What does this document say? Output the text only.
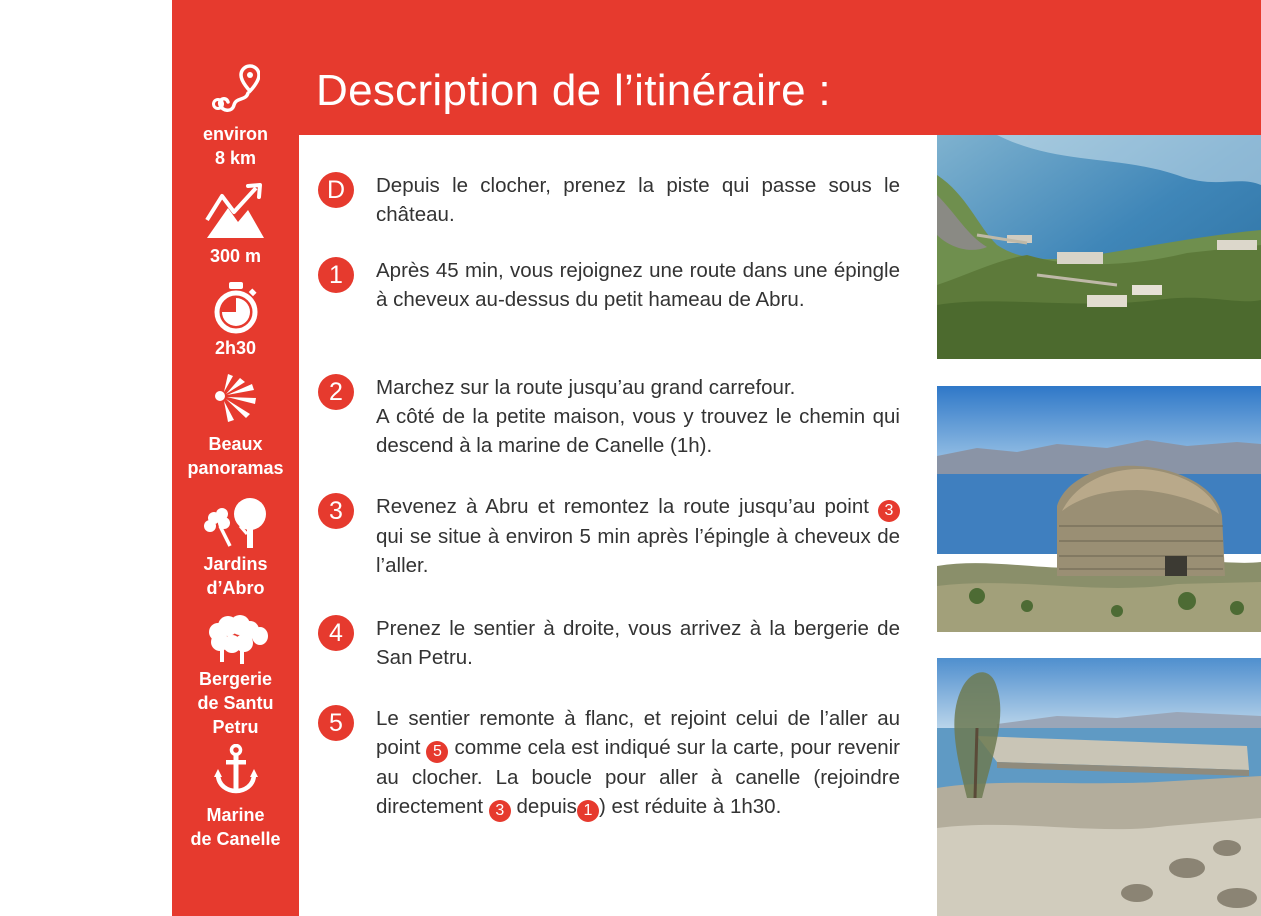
environ
8 km
300 m
2h30
Beaux
panoramas
Jardins
d’Abro
Bergerie
de Santu
Petru
Marine
de Canelle
Description de l’itinéraire :
D	Depuis le clocher, prenez la piste qui passe sous le château.
1	Après 45 min, vous rejoignez une route dans une épingle à cheveux au-dessus du petit hameau de Abru.
2	Marchez sur la route jusqu’au grand carrefour.
A côté de la petite maison, vous y trouvez le chemin qui descend à la marine de Canelle (1h).
3	Revenez à Abru et remontez la route jusqu’au point 3 qui se situe à environ 5 min après l’épingle à cheveux de l’aller.
4	Prenez le sentier à droite, vous arrivez à la bergerie de San Petru.
5	Le sentier remonte à flanc, et rejoint celui de l’aller au point 5 comme cela est indiqué sur la carte, pour revenir au clocher. La boucle pour aller à canelle (rejoindre directement 3 depuis 1 ) est réduite à 1h30.
